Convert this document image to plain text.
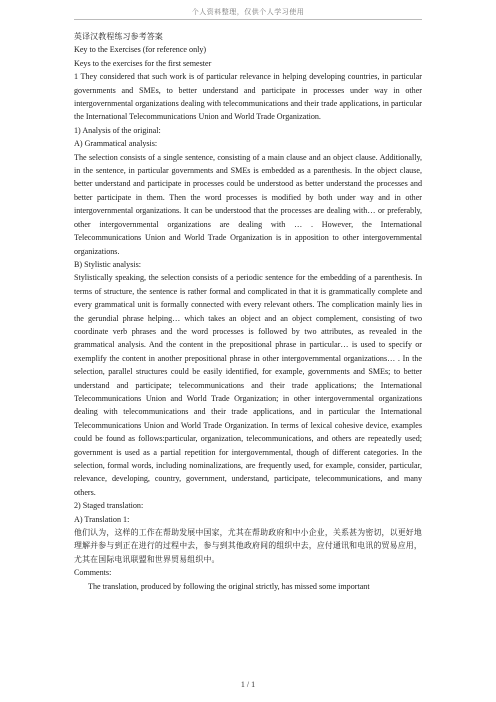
个人资料整理，仅供个人学习使用

英译汉教程练习参考答案

Key to the Exercises (for reference only)

Keys to the exercises for the first semester

1 They considered that such work is of particular relevance in helping developing countries, in particular governments and SMEs, to better understand and participate in processes under way in other intergovernmental organizations dealing with telecommunications and their trade applications, in particular the International Telecommunications Union and World Trade Organization.

1) Analysis of the original:

A) Grammatical analysis:

The selection consists of a single sentence, consisting of a main clause and an object clause. Additionally, in the sentence, in particular governments and SMEs is embedded as a parenthesis. In the object clause, better understand and participate in processes could be understood as better understand the processes and better participate in them. Then the word processes is modified by both under way and in other intergovernmental organizations. It can be understood that the processes are dealing with… or preferably, other intergovernmental organizations are dealing with … . However, the International Telecommunications Union and World Trade Organization is in apposition to other intergovernmental organizations.

B) Stylistic analysis:

Stylistically speaking, the selection consists of a periodic sentence for the embedding of a parenthesis. In terms of structure, the sentence is rather formal and complicated in that it is grammatically complete and every grammatical unit is formally connected with every relevant others. The complication mainly lies in the gerundial phrase helping… which takes an object and an object complement, consisting of two coordinate verb phrases and the word processes is followed by two attributes, as revealed in the grammatical analysis. And the content in the prepositional phrase in particular… is used to specify or exemplify the content in another prepositional phrase in other intergovernmental organizations… . In the selection, parallel structures could be easily identified, for example, governments and SMEs; to better understand and participate; telecommunications and their trade applications; the International Telecommunications Union and World Trade Organization; in other intergovernmental organizations dealing with telecommunications and their trade applications, and in particular the International Telecommunications Union and World Trade Organization. In terms of lexical cohesive device, examples could be found as follows:particular, organization, telecommunications, and others are repeatedly used; government is used as a partial repetition for intergovernmental, though of different categories. In the selection, formal words, including nominalizations, are frequently used, for example, consider, particular, relevance, developing, country, government, understand, participate, telecommunications, and many others.

2) Staged translation:

A) Translation 1:

他们认为，这样的工作在帮助发展中国家，尤其在帮助政府和中小企业，关系甚为密切，以更好地理解并参与到正在进行的过程中去，参与到其他政府间的组织中去，应付通讯和电讯的贸易应用，尤其在国际电讯联盟和世界贸易组织中。

Comments:

The translation, produced by following the original strictly, has missed some important

1 / 1
